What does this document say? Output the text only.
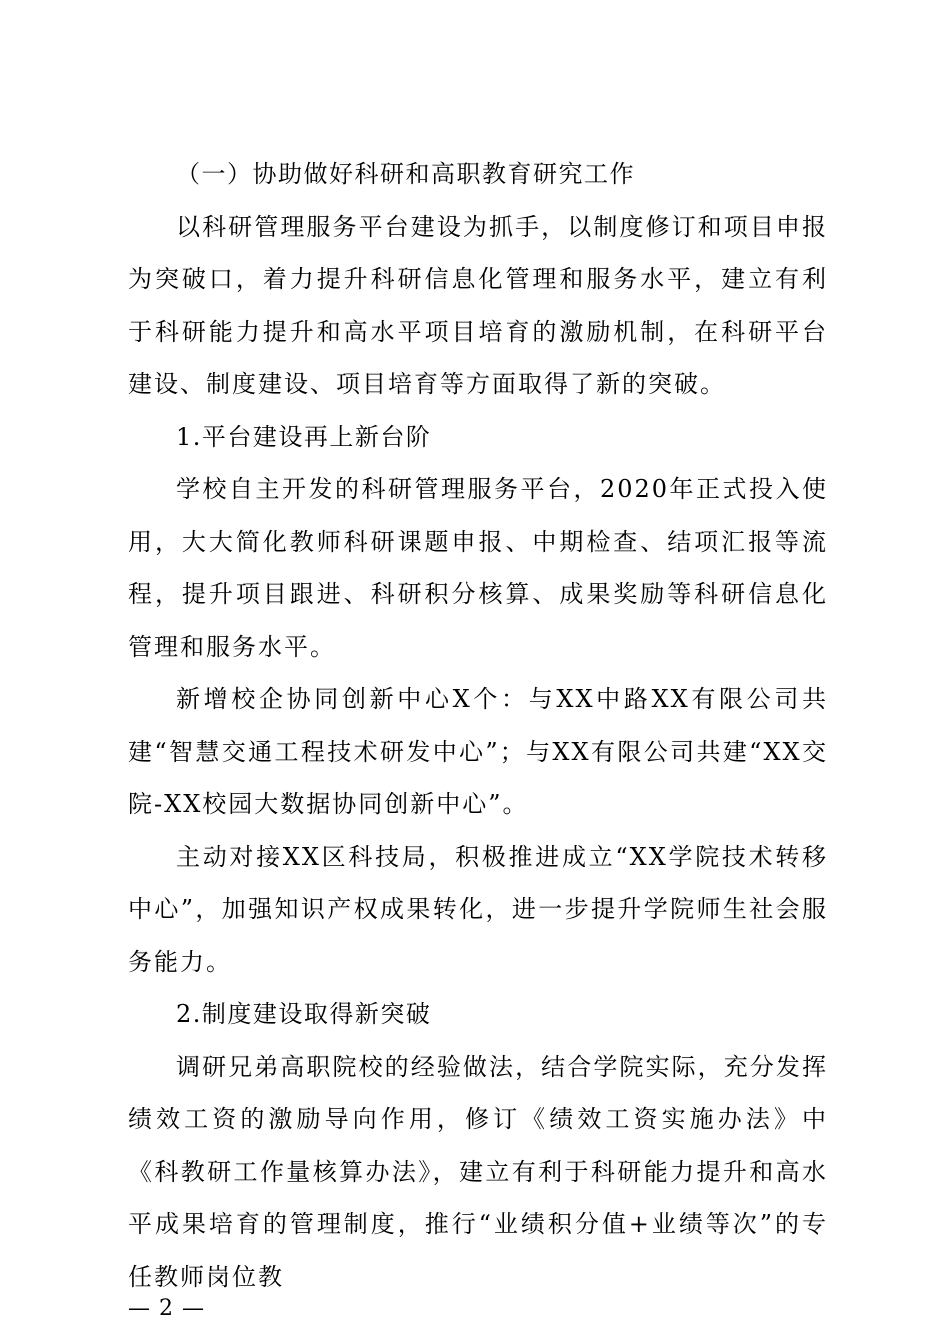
（一）协助做好科研和高职教育研究工作

以科研管理服务平台建设为抓手，以制度修订和项目申报为突破口，着力提升科研信息化管理和服务水平，建立有利于科研能力提升和高水平项目培育的激励机制，在科研平台建设、制度建设、项目培育等方面取得了新的突破。

1.平台建设再上新台阶

学校自主开发的科研管理服务平台，2020年正式投入使用，大大简化教师科研课题申报、中期检查、结项汇报等流程，提升项目跟进、科研积分核算、成果奖励等科研信息化管理和服务水平。

新增校企协同创新中心X个：与XX中路XX有限公司共建“智慧交通工程技术研发中心”；与XX有限公司共建“XX交院-XX校园大数据协同创新中心”。

主动对接XX区科技局，积极推进成立“XX学院技术转移中心”，加强知识产权成果转化，进一步提升学院师生社会服务能力。

2.制度建设取得新突破

调研兄弟高职院校的经验做法，结合学院实际，充分发挥绩效工资的激励导向作用，修订《绩效工资实施办法》中《科教研工作量核算办法》，建立有利于科研能力提升和高水平成果培育的管理制度，推行“业绩积分值+业绩等次”的专任教师岗位教

— 2 —
